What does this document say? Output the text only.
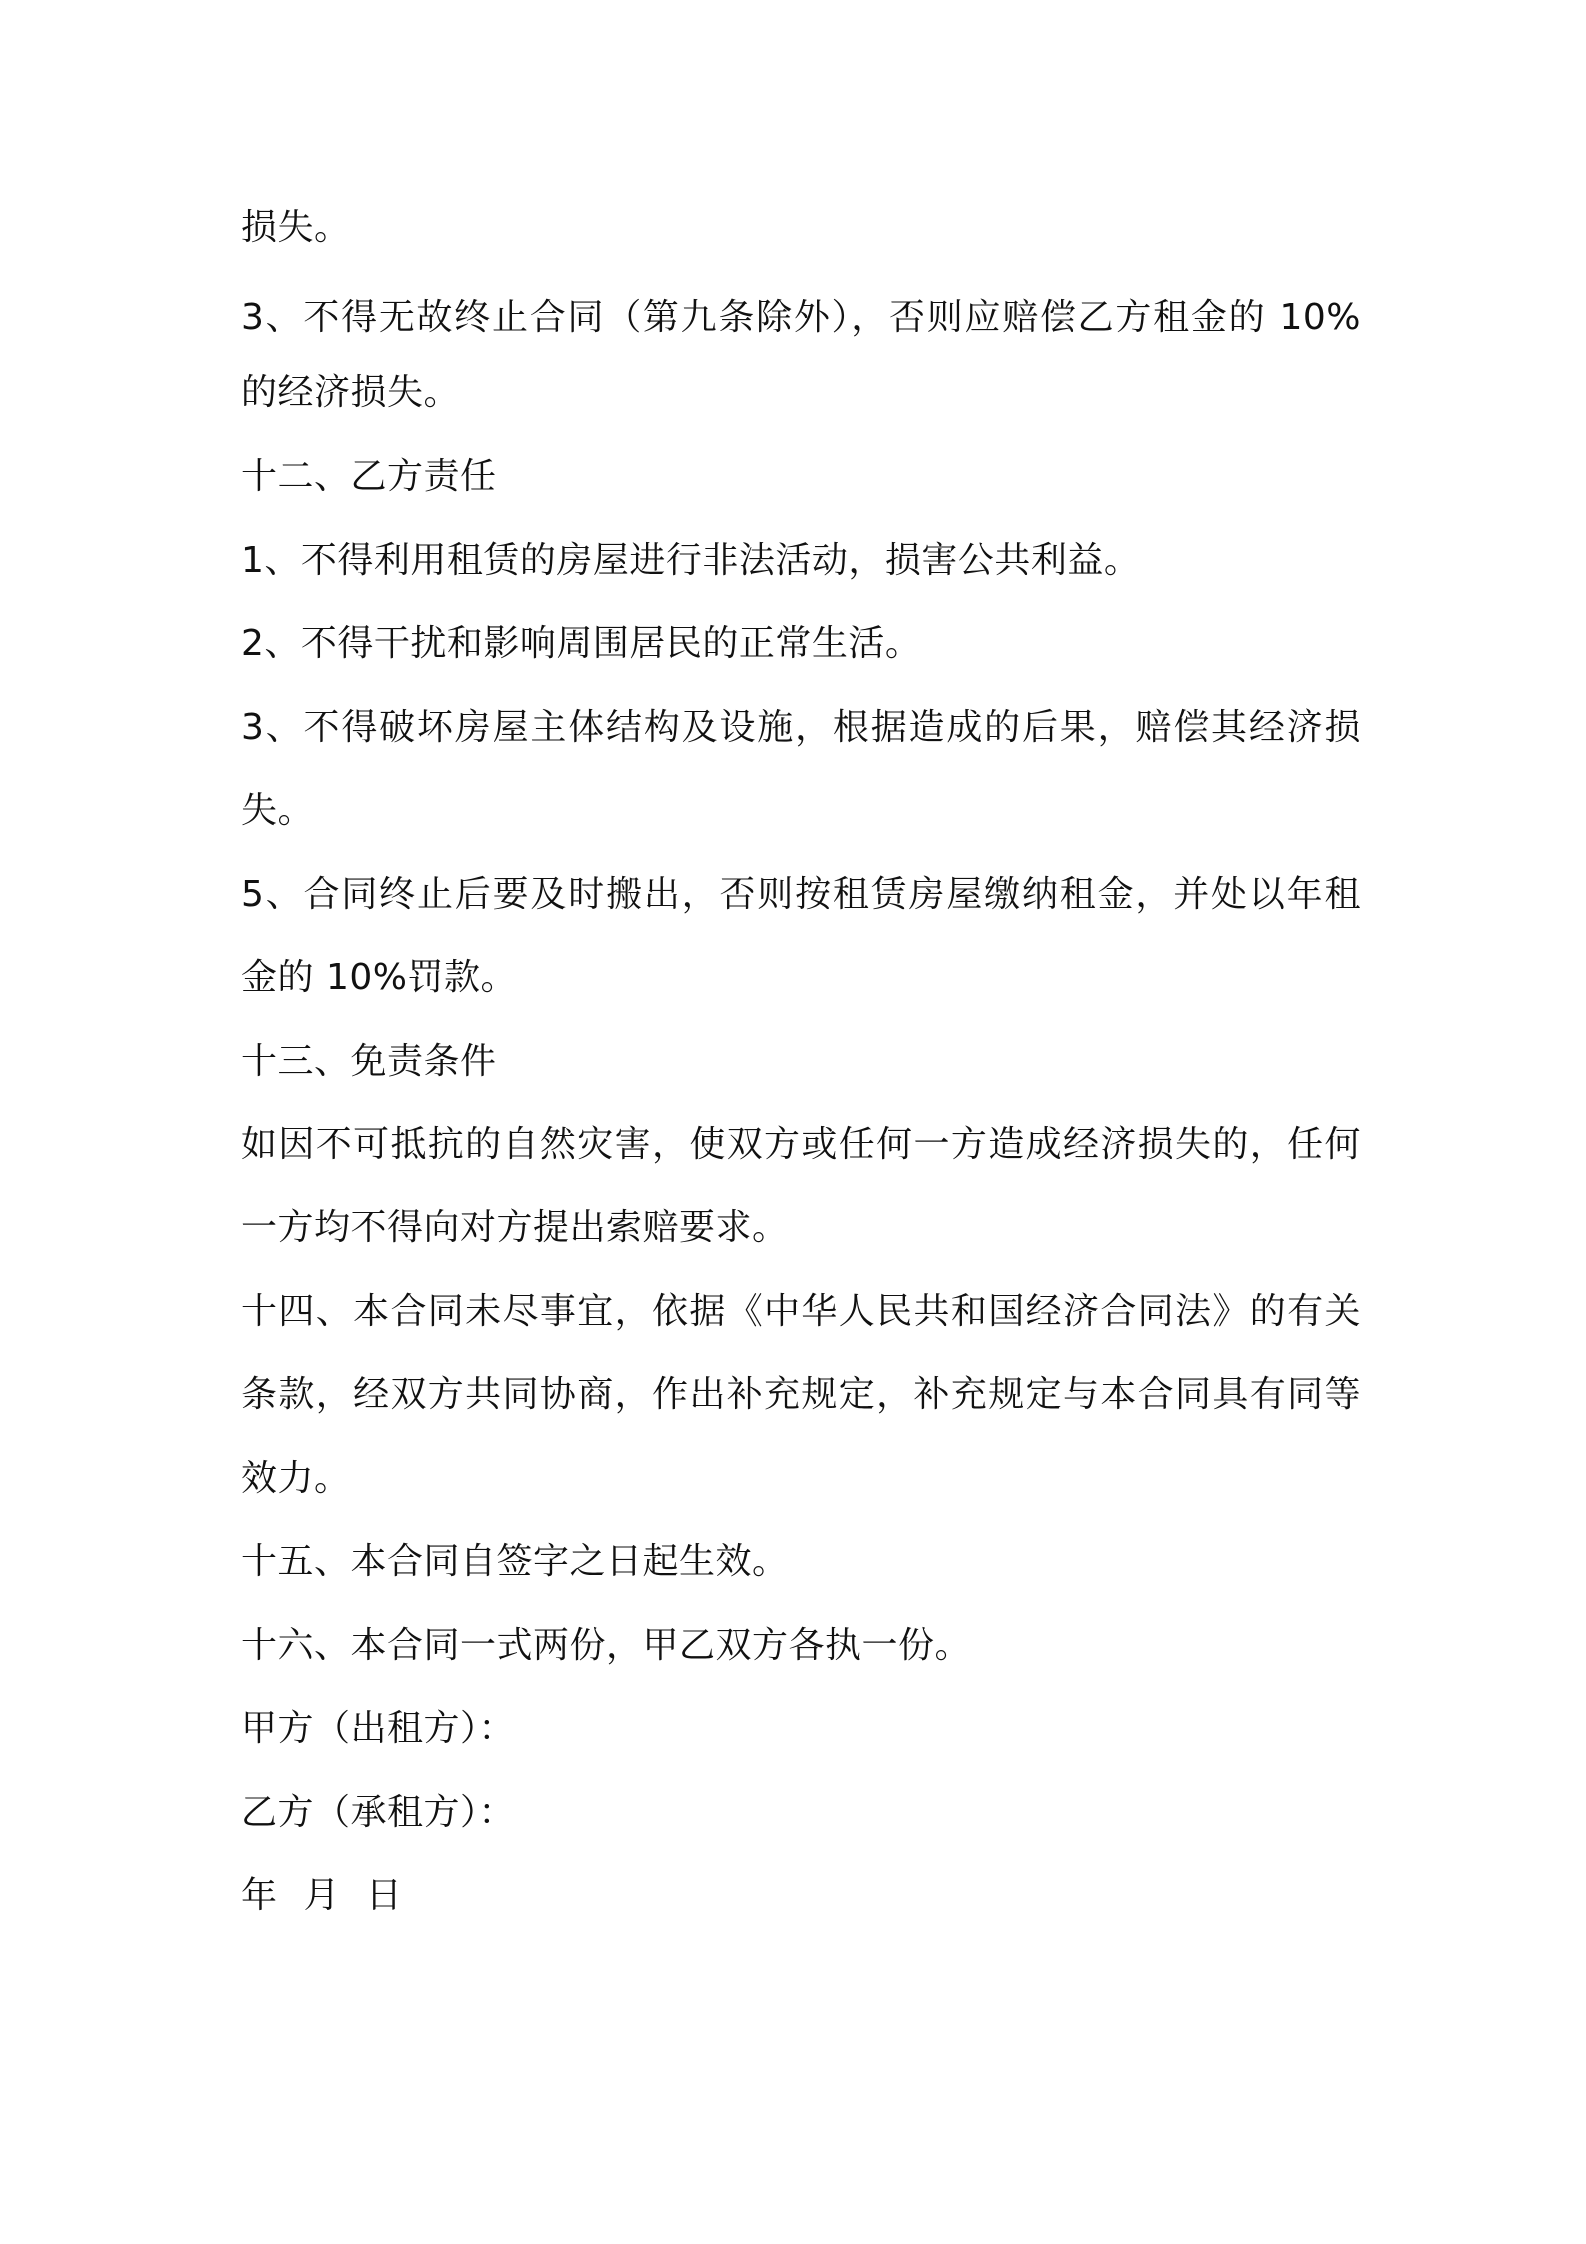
损失。
3、不得无故终止合同（第九条除外），否则应赔偿乙方租金的 10%
的经济损失。
十二、乙方责任
1、不得利用租赁的房屋进行非法活动，损害公共利益。
2、不得干扰和影响周围居民的正常生活。
3、不得破坏房屋主体结构及设施，根据造成的后果，赔偿其经济损
失。
5、合同终止后要及时搬出，否则按租赁房屋缴纳租金，并处以年租
金的 10%罚款。
十三、免责条件
如因不可抵抗的自然灾害，使双方或任何一方造成经济损失的，任何
一方均不得向对方提出索赔要求。
十四、本合同未尽事宜，依据《中华人民共和国经济合同法》的有关
条款，经双方共同协商，作出补充规定，补充规定与本合同具有同等
效力。
十五、本合同自签字之日起生效。
十六、本合同一式两份，甲乙双方各执一份。
甲方（出租方）：
乙方（承租方）：
年 月 日
